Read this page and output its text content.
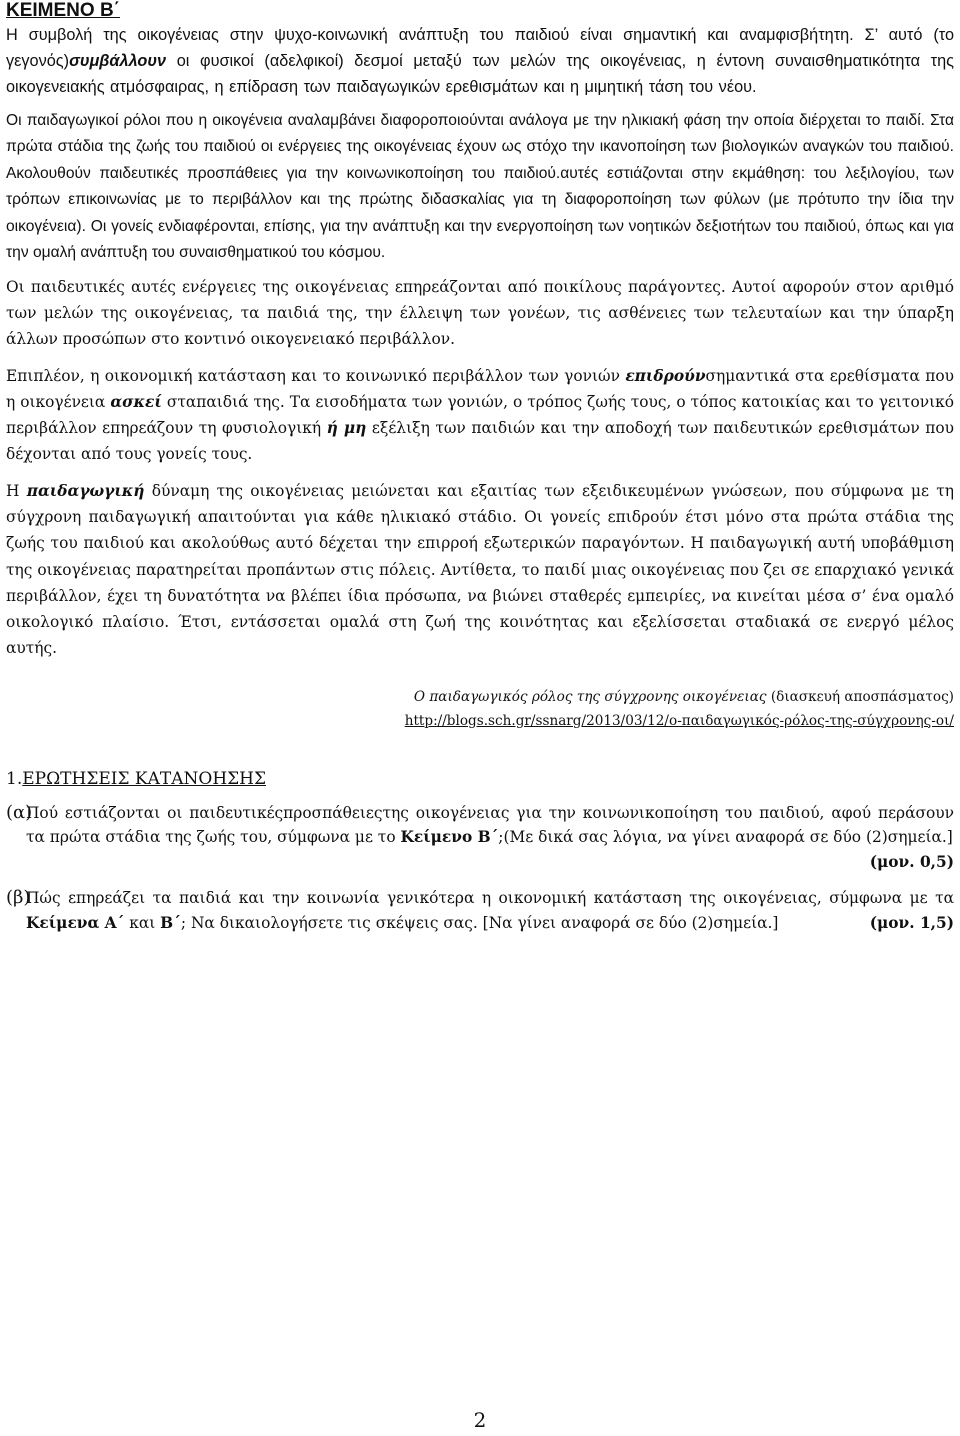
ΚΕΙΜΕΝΟ Β΄

Η συμβολή της οικογένειας στην ψυχο-κοινωνική ανάπτυξη του παιδιού είναι σημαντική και αναμφισβήτητη. Σ’ αυτό (το γεγονός)συμβάλλουν οι φυσικοί (αδελφικοί) δεσμοί μεταξύ των μελών της οικογένειας, η έντονη συναισθηματικότητα της οικογενειακής ατμόσφαιρας, η επίδραση των παιδαγωγικών ερεθισμάτων και η μιμητική τάση του νέου.

Οι παιδαγωγικοί ρόλοι που η οικογένεια αναλαμβάνει διαφοροποιούνται ανάλογα με την ηλικιακή φάση την οποία διέρχεται το παιδί. Στα πρώτα στάδια της ζωής του παιδιού οι ενέργειες της οικογένειας έχουν ως στόχο την ικανοποίηση των βιολογικών αναγκών του παιδιού. Ακολουθούν παιδευτικές προσπάθειες για την κοινωνικοποίηση του παιδιού.αυτές εστιάζονται στην εκμάθηση: του λεξιλογίου, των τρόπων επικοινωνίας με το περιβάλλον και της πρώτης διδασκαλίας για τη διαφοροποίηση των φύλων (με πρότυπο την ίδια την οικογένεια). Οι γονείς ενδιαφέρονται, επίσης, για την ανάπτυξη και την ενεργοποίηση των νοητικών δεξιοτήτων του παιδιού, όπως και για την ομαλή ανάπτυξη του συναισθηματικού του κόσμου.

Οι παιδευτικές αυτές ενέργειες της οικογένειας επηρεάζονται από ποικίλους παράγοντες. Αυτοί αφορούν στον αριθμό των μελών της οικογένειας, τα παιδιά της, την έλλειψη των γονέων, τις ασθένειες των τελευταίων και την ύπαρξη άλλων προσώπων στο κοντινό οικογενειακό περιβάλλον.

Επιπλέον, η οικονομική κατάσταση και το κοινωνικό περιβάλλον των γονιών επιδρούνσημαντικά στα ερεθίσματα που η οικογένεια ασκεί σταπαιδιά της. Τα εισοδήματα των γονιών, ο τρόπος ζωής τους, ο τόπος κατοικίας και το γειτονικό περιβάλλον επηρεάζουν τη φυσιολογική ή μη εξέλιξη των παιδιών και την αποδοχή των παιδευτικών ερεθισμάτων που δέχονται από τους γονείς τους.

Η παιδαγωγική δύναμη της οικογένειας μειώνεται και εξαιτίας των εξειδικευμένων γνώσεων, που σύμφωνα με τη σύγχρονη παιδαγωγική απαιτούνται για κάθε ηλικιακό στάδιο. Οι γονείς επιδρούν έτσι μόνο στα πρώτα στάδια της ζωής του παιδιού και ακολούθως αυτό δέχεται την επιρροή εξωτερικών παραγόντων. Η παιδαγωγική αυτή υποβάθμιση της οικογένειας παρατηρείται προπάντων στις πόλεις. Αντίθετα, το παιδί μιας οικογένειας που ζει σε επαρχιακό γενικά περιβάλλον, έχει τη δυνατότητα να βλέπει ίδια πρόσωπα, να βιώνει σταθερές εμπειρίες, να κινείται μέσα σ’ ένα ομαλό οικολογικό πλαίσιο. Έτσι, εντάσσεται ομαλά στη ζωή της κοινότητας και εξελίσσεται σταδιακά σε ενεργό μέλος αυτής.

Ο παιδαγωγικός ρόλος της σύγχρονης οικογένειας (διασκευή αποσπάσματος)
http://blogs.sch.gr/ssnarg/2013/03/12/ο-παιδαγωγικός-ρόλος-της-σύγχρονης-οι/
1.ΕΡΩΤΗΣΕΙΣ ΚΑΤΑΝΟΗΣΗΣ
(α)
Πού εστιάζονται οι παιδευτικέςπροσπάθειεςτης οικογένειας για την κοινωνικοποίηση του παιδιού, αφού περάσουν τα πρώτα στάδια της ζωής του, σύμφωνα με το Κείμενο Β΄;(Με δικά σας λόγια, να γίνει αναφορά σε δύο (2)σημεία.]
(μον. 0,5)
(β)
Πώς επηρεάζει τα παιδιά και την κοινωνία γενικότερα η οικονομική κατάσταση της οικογένειας, σύμφωνα με τα Κείμενα Α΄ και Β΄; Να δικαιολογήσετε τις σκέψεις σας. [Να γίνει αναφορά σε δύο (2)σημεία.]	(μον. 1,5)
2
